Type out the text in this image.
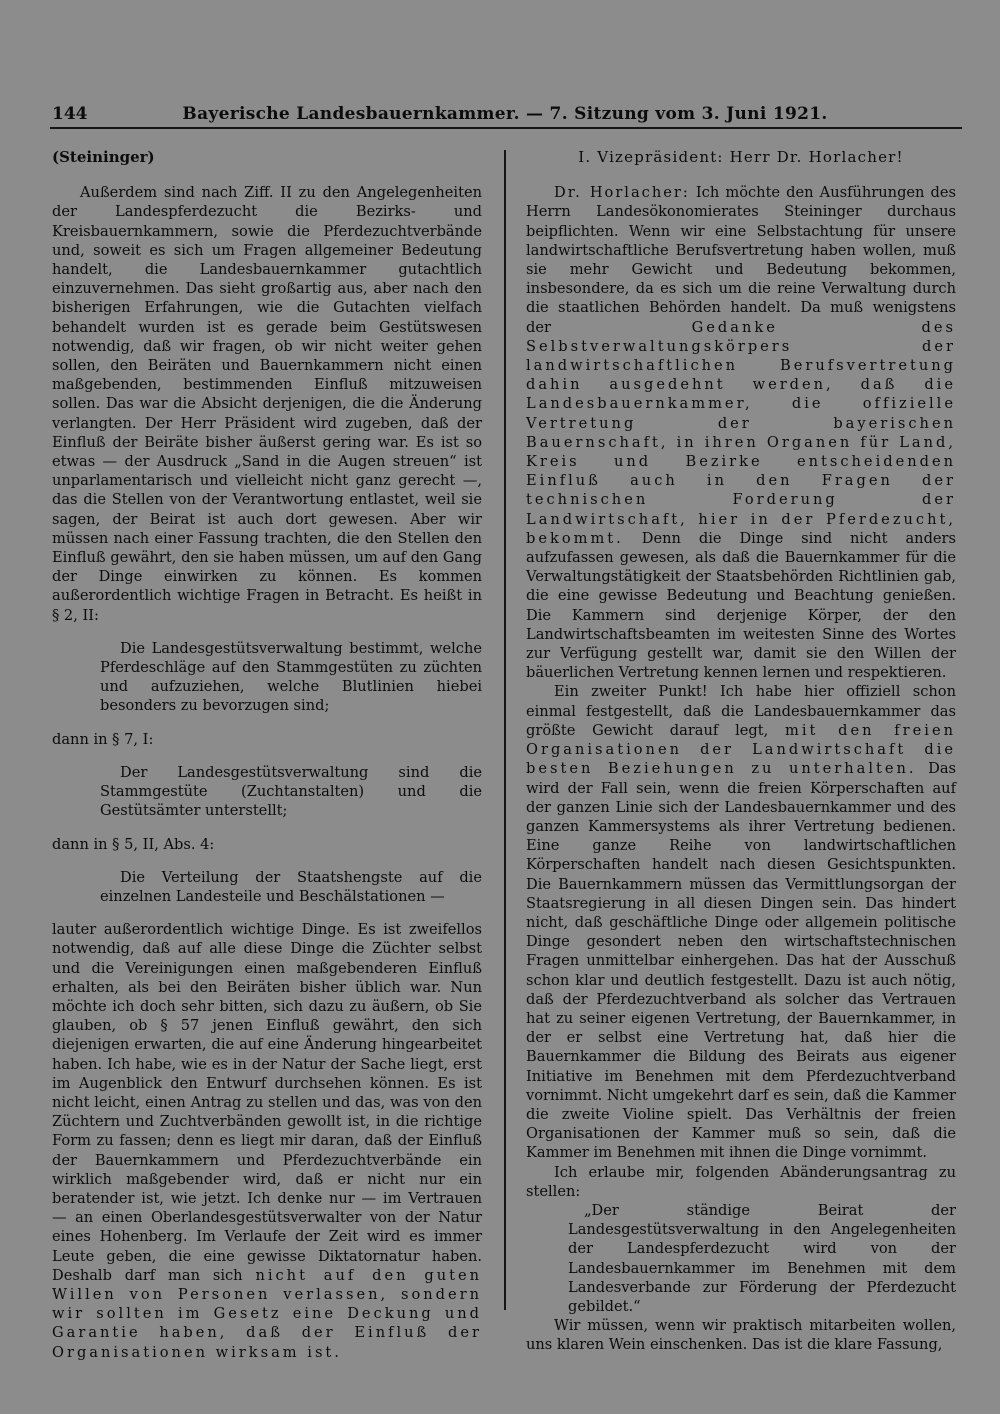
144	Bayerische Landesbauernkammer. — 7. Sitzung vom 3. Juni 1921.

(Steininger)

Außerdem sind nach Ziff. II zu den Angelegenheiten der Landespferdezucht die Bezirks- und Kreisbauernkammern, sowie die Pferdezuchtverbände und, soweit es sich um Fragen allgemeiner Bedeutung handelt, die Landesbauernkammer gutachtlich einzuvernehmen. Das sieht großartig aus, aber nach den bisherigen Erfahrungen, wie die Gutachten vielfach behandelt wurden ist es gerade beim Gestütswesen notwendig, daß wir fragen, ob wir nicht weiter gehen sollen, den Beiräten und Bauernkammern nicht einen maßgebenden, bestimmenden Einfluß mitzuweisen sollen. Das war die Absicht derjenigen, die die Änderung verlangten. Der Herr Präsident wird zugeben, daß der Einfluß der Beiräte bisher äußerst gering war. Es ist so etwas — der Ausdruck „Sand in die Augen streuen“ ist unparlamentarisch und vielleicht nicht ganz gerecht —, das die Stellen von der Verantwortung entlastet, weil sie sagen, der Beirat ist auch dort gewesen. Aber wir müssen nach einer Fassung trachten, die den Stellen den Einfluß gewährt, den sie haben müssen, um auf den Gang der Dinge einwirken zu können. Es kommen außerordentlich wichtige Fragen in Betracht. Es heißt in § 2, II:

Die Landesgestütsverwaltung bestimmt, welche Pferdeschläge auf den Stammgestüten zu züchten und aufzuziehen, welche Blutlinien hiebei besonders zu bevorzugen sind;

dann in § 7, I:

Der Landesgestütsverwaltung sind die Stammgestüte (Zuchtanstalten) und die Gestütsämter unterstellt;

dann in § 5, II, Abs. 4:

Die Verteilung der Staatshengste auf die einzelnen Landesteile und Beschälstationen —

lauter außerordentlich wichtige Dinge. Es ist zweifellos notwendig, daß auf alle diese Dinge die Züchter selbst und die Vereinigungen einen maßgebenderen Einfluß erhalten, als bei den Beiräten bisher üblich war. Nun möchte ich doch sehr bitten, sich dazu zu äußern, ob Sie glauben, ob § 57 jenen Einfluß gewährt, den sich diejenigen erwarten, die auf eine Änderung hingearbeitet haben. Ich habe, wie es in der Natur der Sache liegt, erst im Augenblick den Entwurf durchsehen können. Es ist nicht leicht, einen Antrag zu stellen und das, was von den Züchtern und Zuchtverbänden gewollt ist, in die richtige Form zu fassen; denn es liegt mir daran, daß der Einfluß der Bauernkammern und Pferdezuchtverbände ein wirklich maßgebender wird, daß er nicht nur ein beratender ist, wie jetzt. Ich denke nur — im Vertrauen — an einen Oberlandesgestütsverwalter von der Natur eines Hohenberg. Im Verlaufe der Zeit wird es immer Leute geben, die eine gewisse Diktatornatur haben. Deshalb darf man sich nicht auf den guten Willen von Personen verlassen, sondern wir sollten im Gesetz eine Deckung und Garantie haben, daß der Einfluß der Organisationen wirksam ist.

I. Vizepräsident: Herr Dr. Horlacher!

Dr. Horlacher: Ich möchte den Ausführungen des Herrn Landesökonomierates Steininger durchaus beipflichten. Wenn wir eine Selbstachtung für unsere landwirtschaftliche Berufsvertretung haben wollen, muß sie mehr Gewicht und Bedeutung bekommen, insbesondere, da es sich um die reine Verwaltung durch die staatlichen Behörden handelt. Da muß wenigstens der	Gedanke des Selbstverwaltungskörpers der landwirtschaftlichen Berufsvertretung dahin ausgedehnt werden, daß die Landesbauernkammer, die offizielle Vertretung der bayerischen Bauernschaft, in ihren Organen für Land, Kreis und Bezirke entscheidenden Einfluß auch in den Fragen der technischen Forderung der Landwirtschaft, hier in der Pferdezucht, bekommt. Denn die Dinge sind nicht anders aufzufassen gewesen, als daß die Bauernkammer für die Verwaltungstätigkeit der Staatsbehörden Richtlinien gab, die eine gewisse Bedeutung und Beachtung genießen. Die Kammern sind derjenige Körper, der den Landwirtschaftsbeamten im weitesten Sinne des Wortes zur Verfügung gestellt war, damit sie den Willen der bäuerlichen Vertretung kennen lernen und respektieren.

Ein zweiter Punkt! Ich habe hier offiziell schon einmal festgestellt, daß die Landesbauernkammer das größte Gewicht darauf legt, mit den freien Organisationen der Landwirtschaft die besten Beziehungen zu unterhalten. Das wird der Fall sein, wenn die freien Körperschaften auf der ganzen Linie sich der Landesbauernkammer und des ganzen Kammersystems als ihrer Vertretung bedienen. Eine ganze Reihe von landwirtschaftlichen Körperschaften handelt nach diesen Gesichtspunkten. Die Bauernkammern müssen das Vermittlungsorgan der Staatsregierung in all diesen Dingen sein. Das hindert nicht, daß geschäftliche Dinge oder allgemein politische Dinge gesondert neben den wirtschaftstechnischen Fragen unmittelbar einhergehen. Das hat der Ausschuß schon klar und deutlich festgestellt. Dazu ist auch nötig, daß der Pferdezuchtverband als solcher das Vertrauen hat zu seiner eigenen Vertretung, der Bauernkammer, in der er selbst eine Vertretung hat, daß hier die Bauernkammer die Bildung des Beirats aus eigener Initiative im Benehmen mit dem Pferdezuchtverband vornimmt. Nicht umgekehrt darf es sein, daß die Kammer die zweite Violine spielt. Das Verhältnis der freien Organisationen der Kammer muß so sein, daß die Kammer im Benehmen mit ihnen die Dinge vornimmt.

Ich erlaube mir, folgenden Abänderungsantrag zu stellen:

„Der ständige Beirat der Landesgestütsverwaltung in den Angelegenheiten der Landespferdezucht wird von der Landesbauernkammer im Benehmen mit dem Landesverbande zur Förderung der Pferdezucht gebildet.“

Wir müssen, wenn wir praktisch mitarbeiten wollen, uns klaren Wein einschenken. Das ist die klare Fassung,
